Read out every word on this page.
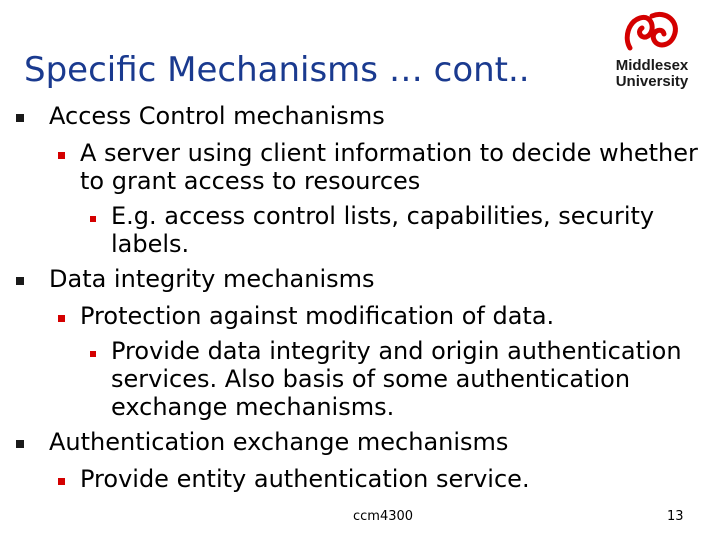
Specific Mechanisms … cont..	Middlesex
University
Access Control mechanisms
A server using client information to decide whether
to grant access to resources
E.g. access control lists, capabilities, security
labels.
Data integrity mechanisms
Protection against modification of data.
Provide data integrity and origin authentication
services. Also basis of some authentication
exchange mechanisms.
Authentication exchange mechanisms
Provide entity authentication service.
ccm4300	13
